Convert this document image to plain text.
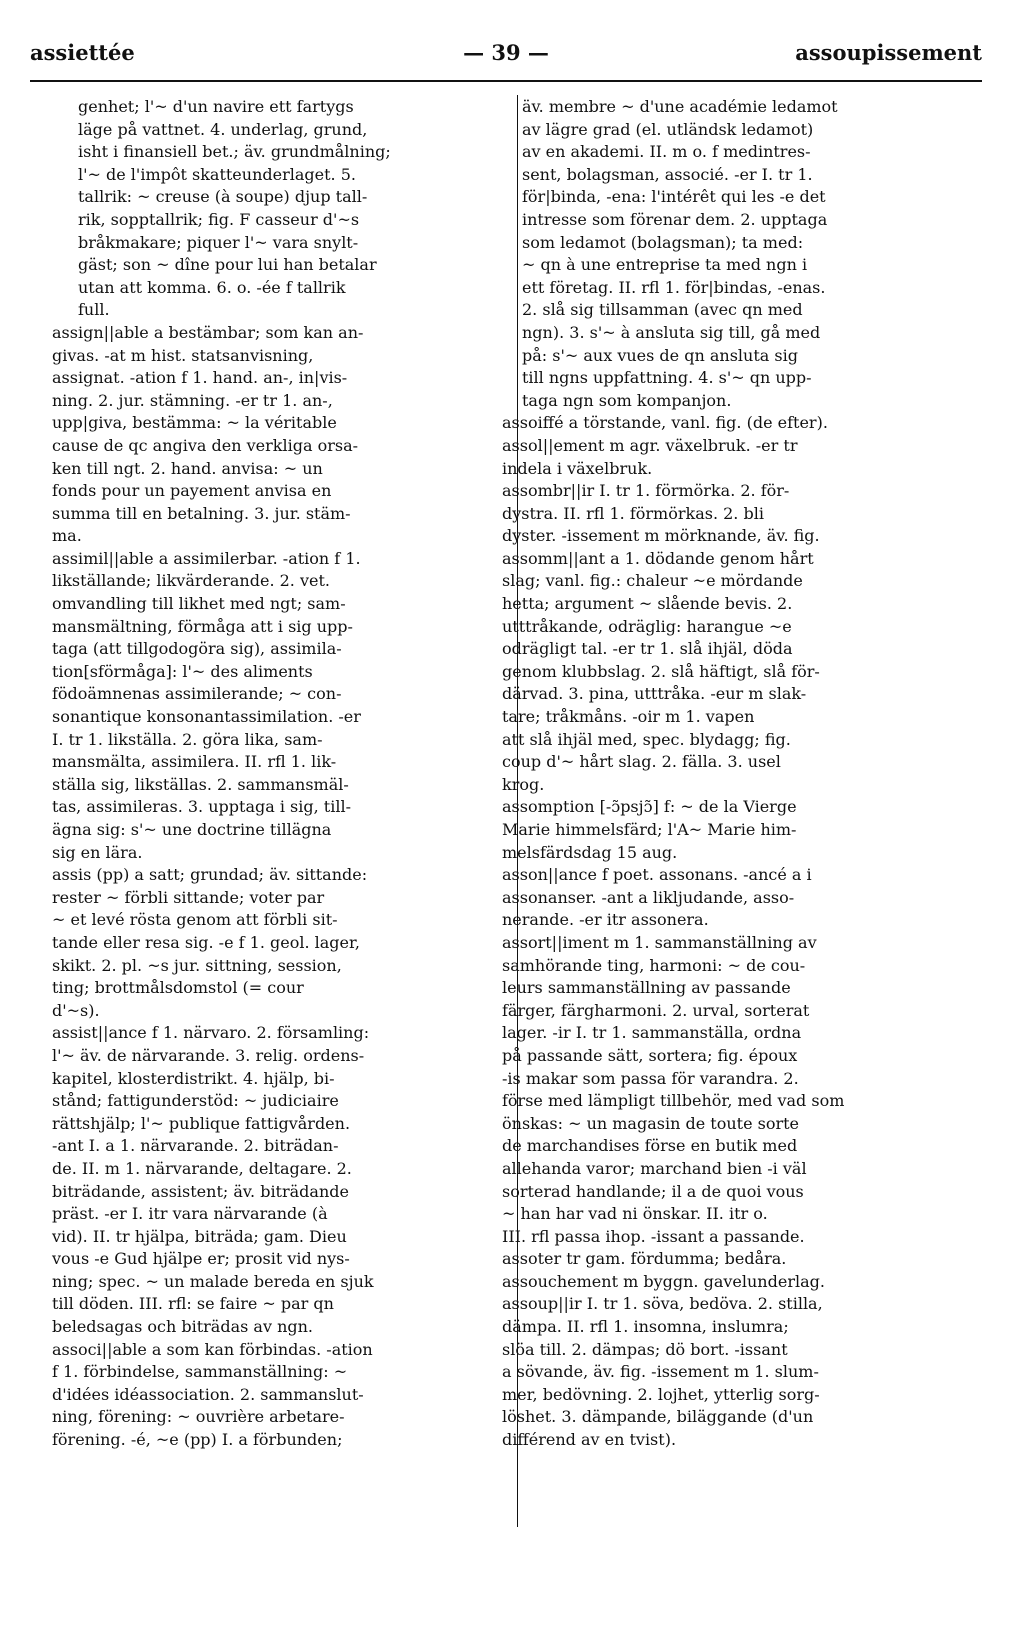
assiettée	— 39 —	assoupissement
genhet; l'~ d'un navire ett fartygs
läge på vattnet. 4. underlag, grund,
isht i finansiell bet.; äv. grundmålning;
l'~ de l'impôt skatteunderlaget. 5.
tallrik: ~ creuse (à soupe) djup tall-
rik, sopptallrik; fig. F casseur d'~s
bråkmakare; piquer l'~ vara snylt-
gäst; son ~ dîne pour lui han betalar
utan att komma. 6. o. -ée f tallrik
full.
assign||able a bestämbar; som kan an-
givas. -at m hist. statsanvisning,
assignat. -ation f 1. hand. an-, in|vis-
ning. 2. jur. stämning. -er tr 1. an-,
upp|giva, bestämma: ~ la véritable
cause de qc angiva den verkliga orsa-
ken till ngt. 2. hand. anvisa: ~ un
fonds pour un payement anvisa en
summa till en betalning. 3. jur. stäm-
ma.
assimil||able a assimilerbar. -ation f 1.
likställande; likvärderande. 2. vet.
omvandling till likhet med ngt; sam-
mansmältning, förmåga att i sig upp-
taga (att tillgodogöra sig), assimila-
tion[sförmåga]: l'~ des aliments
födoämnenas assimilerande; ~ con-
sonantique konsonantassimilation. -er
I. tr 1. likställa. 2. göra lika, sam-
mansmälta, assimilera. II. rfl 1. lik-
ställa sig, likställas. 2. sammansmäl-
tas, assimileras. 3. upptaga i sig, till-
ägna sig: s'~ une doctrine tillägna
sig en lära.
assis (pp) a satt; grundad; äv. sittande:
rester ~ förbli sittande; voter par
~ et levé rösta genom att förbli sit-
tande eller resa sig. -e f 1. geol. lager,
skikt. 2. pl. ~s jur. sittning, session,
ting; brottmålsdomstol (= cour
d'~s).
assist||ance f 1. närvaro. 2. församling:
l'~ äv. de närvarande. 3. relig. ordens-
kapitel, klosterdistrikt. 4. hjälp, bi-
stånd; fattigunderstöd: ~ judiciaire
rättshjälp; l'~ publique fattigvården.
-ant I. a 1. närvarande. 2. biträdan-
de. II. m 1. närvarande, deltagare. 2.
biträdande, assistent; äv. biträdande
präst. -er I. itr vara närvarande (à
vid). II. tr hjälpa, biträda; gam. Dieu
vous -e Gud hjälpe er; prosit vid nys-
ning; spec. ~ un malade bereda en sjuk
till döden. III. rfl: se faire ~ par qn
beledsagas och biträdas av ngn.
associ||able a som kan förbindas. -ation
f 1. förbindelse, sammanställning: ~
d'idées idéassociation. 2. sammanslut-
ning, förening: ~ ouvrière arbetare-
förening. -é, ~e (pp) I. a förbunden;
äv. membre ~ d'une académie ledamot
av lägre grad (el. utländsk ledamot)
av en akademi. II. m o. f medintres-
sent, bolagsman, associé. -er I. tr 1.
för|binda, -ena: l'intérêt qui les -e det
intresse som förenar dem. 2. upptaga
som ledamot (bolagsman); ta med:
~ qn à une entreprise ta med ngn i
ett företag. II. rfl 1. för|bindas, -enas.
2. slå sig tillsamman (avec qn med
ngn). 3. s'~ à ansluta sig till, gå med
på: s'~ aux vues de qn ansluta sig
till ngns uppfattning. 4. s'~ qn upp-
taga ngn som kompanjon.
assoiffé a törstande, vanl. fig. (de efter).
assol||ement m agr. växelbruk. -er tr
indela i växelbruk.
assombr||ir I. tr 1. förmörka. 2. för-
dystra. II. rfl 1. förmörkas. 2. bli
dyster. -issement m mörknande, äv. fig.
assomm||ant a 1. dödande genom hårt
slag; vanl. fig.: chaleur ~e mördande
hetta; argument ~ slående bevis. 2.
utttråkande, odräglig: harangue ~e
odrägligt tal. -er tr 1. slå ihjäl, döda
genom klubbslag. 2. slå häftigt, slå för-
därvad. 3. pina, utttråka. -eur m slak-
tare; tråkmåns. -oir m 1. vapen
att slå ihjäl med, spec. blydagg; fig.
coup d'~ hårt slag. 2. fälla. 3. usel
krog.
assomption [-ɔ̃psjɔ̃] f: ~ de la Vierge
Marie himmelsfärd; l'A~ Marie him-
melsfärdsdag 15 aug.
asson||ance f poet. assonans. -ancé a i
assonanser. -ant a likljudande, asso-
nerande. -er itr assonera.
assort||iment m 1. sammanställning av
samhörande ting, harmoni: ~ de cou-
leurs sammanställning av passande
färger, färgharmoni. 2. urval, sorterat
lager. -ir I. tr 1. sammanställa, ordna
på passande sätt, sortera; fig. époux
-is makar som passa för varandra. 2.
förse med lämpligt tillbehör, med vad som
önskas: ~ un magasin de toute sorte
de marchandises förse en butik med
allehanda varor; marchand bien -i väl
sorterad handlande; il a de quoi vous
~ han har vad ni önskar. II. itr o.
III. rfl passa ihop. -issant a passande.
assoter tr gam. fördumma; bedåra.
assouchement m byggn. gavelunderlag.
assoup||ir I. tr 1. söva, bedöva. 2. stilla,
dämpa. II. rfl 1. insomna, inslumra;
slöa till. 2. dämpas; dö bort. -issant
a sövande, äv. fig. -issement m 1. slum-
mer, bedövning. 2. lojhet, ytterlig sorg-
löshet. 3. dämpande, biläggande (d'un
différend av en tvist).
